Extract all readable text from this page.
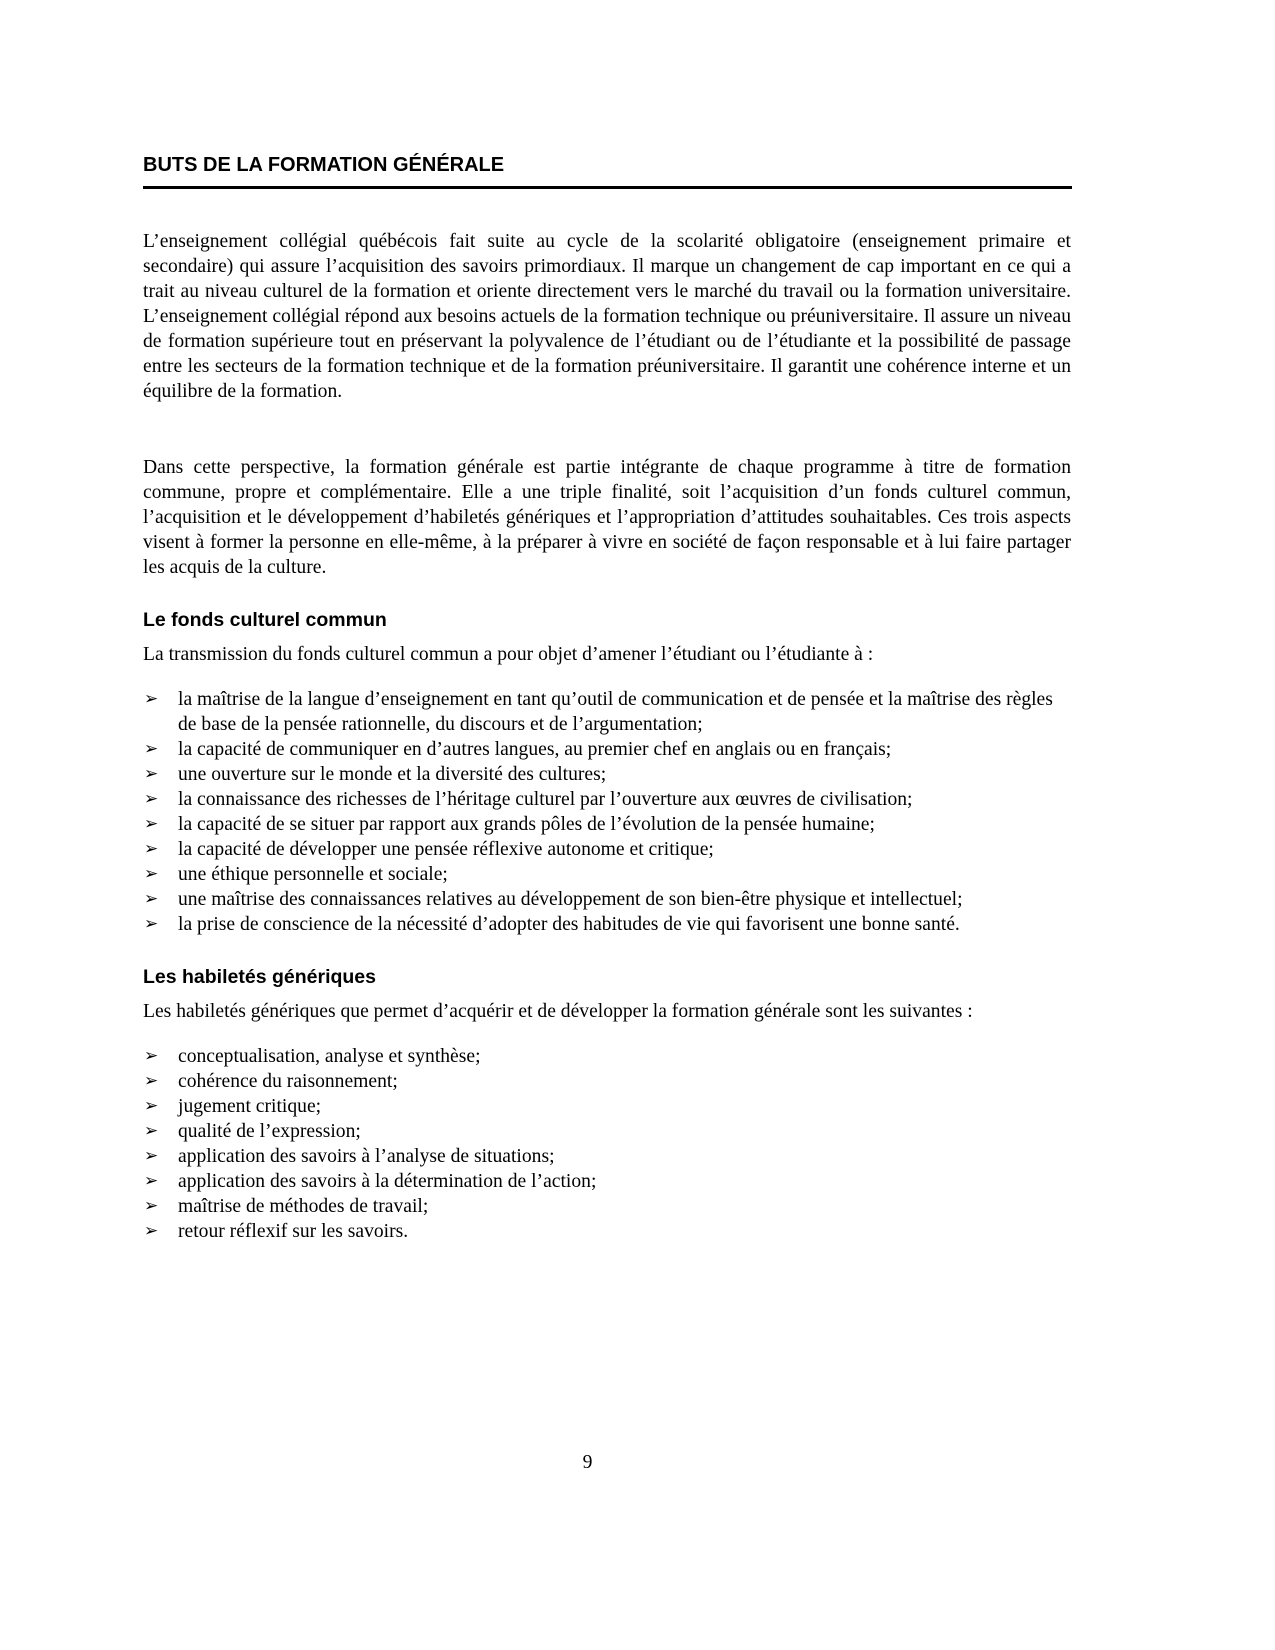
BUTS DE LA FORMATION GÉNÉRALE

L’enseignement collégial québécois fait suite au cycle de la scolarité obligatoire (enseignement primaire et secondaire) qui assure l’acquisition des savoirs primordiaux. Il marque un changement de cap important en ce qui a trait au niveau culturel de la formation et oriente directement vers le marché du travail ou la formation universitaire. L’enseignement collégial répond aux besoins actuels de la formation technique ou préuniversitaire. Il assure un niveau de formation supérieure tout en préservant la polyvalence de l’étudiant ou de l’étudiante et la possibilité de passage entre les secteurs de la formation technique et de la formation préuniversitaire. Il garantit une cohérence interne et un équilibre de la formation.

Dans cette perspective, la formation générale est partie intégrante de chaque programme à titre de formation commune, propre et complémentaire. Elle a une triple finalité, soit l’acquisition d’un fonds culturel commun, l’acquisition et le développement d’habiletés génériques et l’appropriation d’attitudes souhaitables. Ces trois aspects visent à former la personne en elle-même, à la préparer à vivre en société de façon responsable et à lui faire partager les acquis de la culture.

Le fonds culturel commun

La transmission du fonds culturel commun a pour objet d’amener l’étudiant ou l’étudiante à :

➢ la maîtrise de la langue d’enseignement en tant qu’outil de communication et de pensée et la maîtrise des règles de base de la pensée rationnelle, du discours et de l’argumentation;
➢ la capacité de communiquer en d’autres langues, au premier chef en anglais ou en français;
➢ une ouverture sur le monde et la diversité des cultures;
➢ la connaissance des richesses de l’héritage culturel par l’ouverture aux œuvres de civilisation;
➢ la capacité de se situer par rapport aux grands pôles de l’évolution de la pensée humaine;
➢ la capacité de développer une pensée réflexive autonome et critique;
➢ une éthique personnelle et sociale;
➢ une maîtrise des connaissances relatives au développement de son bien-être physique et intellectuel;
➢ la prise de conscience de la nécessité d’adopter des habitudes de vie qui favorisent une bonne santé.
Les habiletés génériques

Les habiletés génériques que permet d’acquérir et de développer la formation générale sont les suivantes :

➢ conceptualisation, analyse et synthèse;
➢ cohérence du raisonnement;
➢ jugement critique;
➢ qualité de l’expression;
➢ application des savoirs à l’analyse de situations;
➢ application des savoirs à la détermination de l’action;
➢ maîtrise de méthodes de travail;
➢ retour réflexif sur les savoirs.
9
